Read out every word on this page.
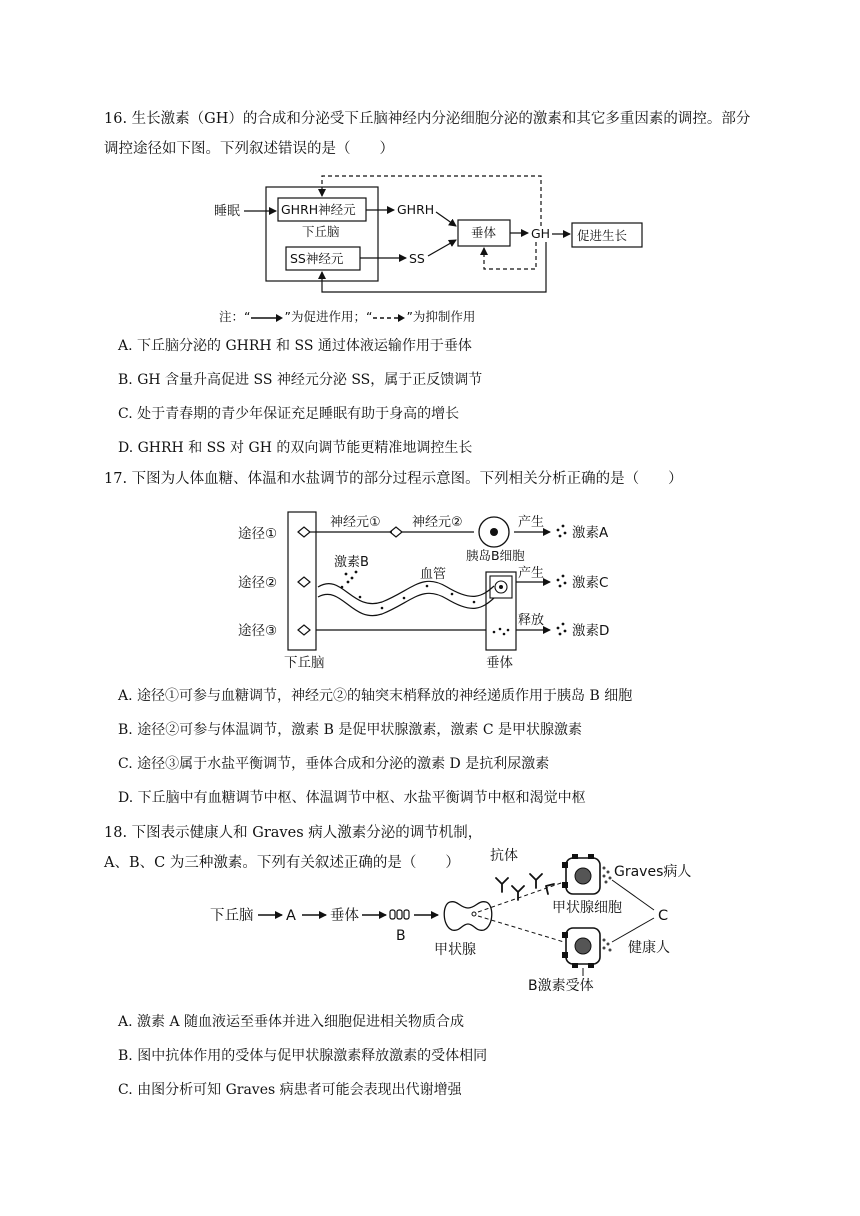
16. 生长激素（GH）的合成和分泌受下丘脑神经内分泌细胞分泌的激素和其它多重因素的调控。部分调控途径如下图。下列叙述错误的是（　　）
睡眠	GHRH神经元
下丘脑
SS神经元
GHRH
SS
垂体	GH 促进生长
注：“	”为促进作用；“	”为抑制作用
A. 下丘脑分泌的 GHRH 和 SS 通过体液运输作用于垂体
B. GH 含量升高促进 SS 神经元分泌 SS，属于正反馈调节
C. 处于青春期的青少年保证充足睡眠有助于身高的增长
D. GHRH 和 SS 对 GH 的双向调节能更精准地调控生长
17. 下图为人体血糖、体温和水盐调节的部分过程示意图。下列相关分析正确的是（　　）
途径①
途径②
途径③
下丘脑
神经元① 神经元②
胰岛B细胞
产生
激素A
激素B
血管
垂体
产生
激素C
释放
激素D
A. 途径①可参与血糖调节，神经元②的轴突末梢释放的神经递质作用于胰岛 B 细胞
B. 途径②可参与体温调节，激素 B 是促甲状腺激素，激素 C 是甲状腺激素
C. 途径③属于水盐平衡调节，垂体合成和分泌的激素 D 是抗利尿激素
D. 下丘脑中有血糖调节中枢、体温调节中枢、水盐平衡调节中枢和渴觉中枢
18. 下图表示健康人和 Graves 病人激素分泌的调节机制，A、B、C 为三种激素。下列有关叙述正确的是（　　）
下丘脑 A 垂体
B
甲状腺
抗体
Graves病人
甲状腺细胞
健康人
B激素受体
C
A. 激素 A 随血液运至垂体并进入细胞促进相关物质合成
B. 图中抗体作用的受体与促甲状腺激素释放激素的受体相同
C. 由图分析可知 Graves 病患者可能会表现出代谢增强
